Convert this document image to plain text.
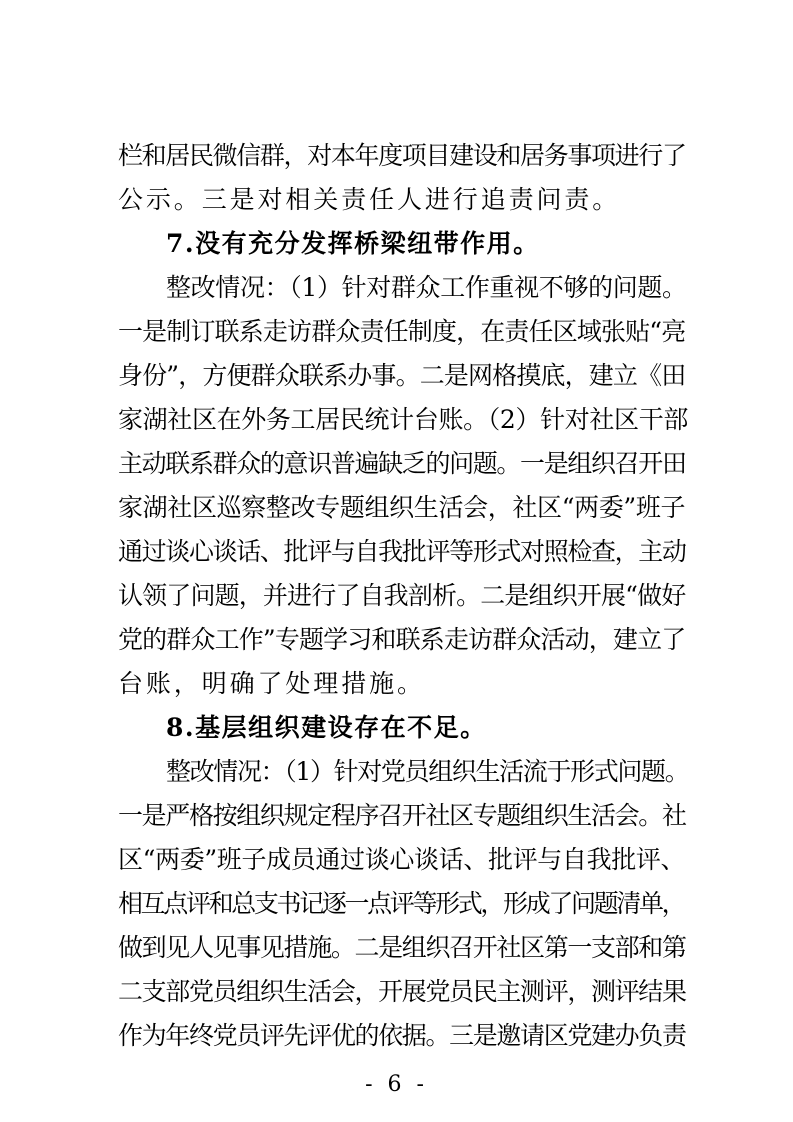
栏和居民微信群，对本年度项目建设和居务事项进行了
公示。三是对相关责任人进行追责问责。
7.没有充分发挥桥梁纽带作用。
整改情况：（1）针对群众工作重视不够的问题。
一是制订联系走访群众责任制度，在责任区域张贴“亮
身份”，方便群众联系办事。二是网格摸底，建立《田
家湖社区在外务工居民统计台账。（2）针对社区干部
主动联系群众的意识普遍缺乏的问题。一是组织召开田
家湖社区巡察整改专题组织生活会，社区“两委”班子
通过谈心谈话、批评与自我批评等形式对照检查，主动
认领了问题，并进行了自我剖析。二是组织开展“做好
党的群众工作”专题学习和联系走访群众活动，建立了
台账，明确了处理措施。
8.基层组织建设存在不足。
整改情况：（1）针对党员组织生活流于形式问题。
一是严格按组织规定程序召开社区专题组织生活会。社
区“两委”班子成员通过谈心谈话、批评与自我批评、
相互点评和总支书记逐一点评等形式，形成了问题清单，
做到见人见事见措施。二是组织召开社区第一支部和第
二支部党员组织生活会，开展党员民主测评，测评结果
作为年终党员评先评优的依据。三是邀请区党建办负责
- 6 -
